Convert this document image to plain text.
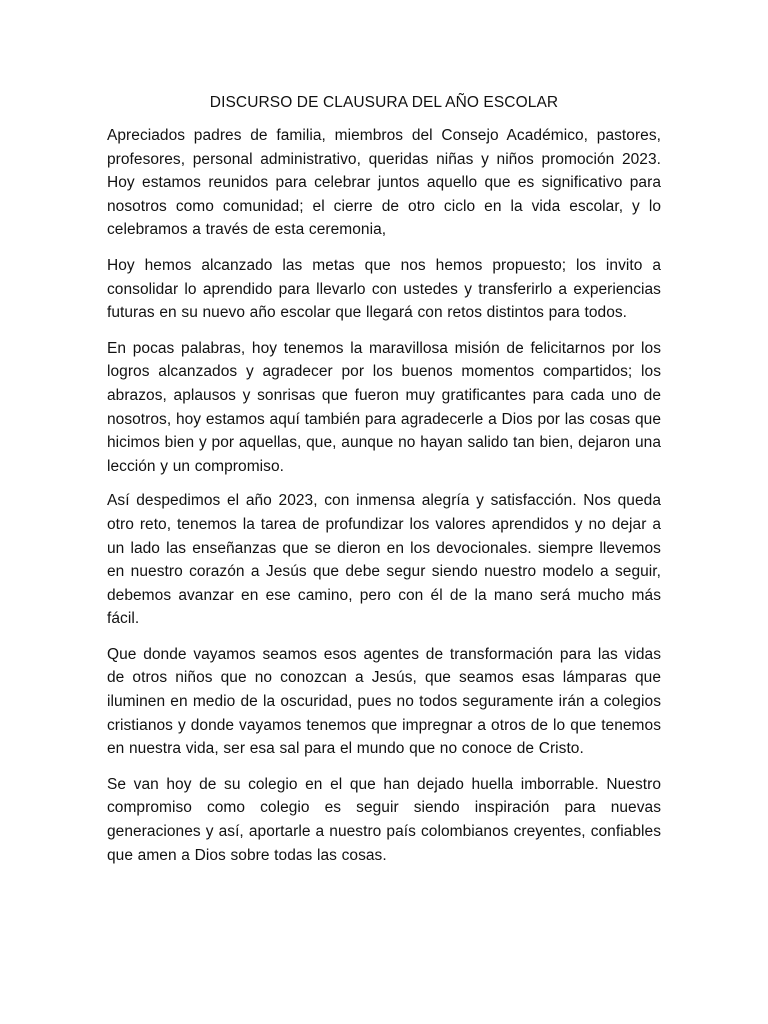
DISCURSO DE CLAUSURA DEL AÑO ESCOLAR

Apreciados padres de familia, miembros del Consejo Académico, pastores, profesores, personal administrativo, queridas niñas y niños promoción 2023. Hoy estamos reunidos para celebrar juntos aquello que es significativo para nosotros como comunidad; el cierre de otro ciclo en la vida escolar, y lo celebramos a través de esta ceremonia,

Hoy hemos alcanzado las metas que nos hemos propuesto; los invito a consolidar lo aprendido para llevarlo con ustedes y transferirlo a experiencias futuras en su nuevo año escolar que llegará con retos distintos para todos.

En pocas palabras, hoy tenemos la maravillosa misión de felicitarnos por los logros alcanzados y agradecer por los buenos momentos compartidos; los abrazos, aplausos y sonrisas que fueron muy gratificantes para cada uno de nosotros, hoy estamos aquí también para agradecerle a Dios por las cosas que hicimos bien y por aquellas, que, aunque no hayan salido tan bien, dejaron una lección y un compromiso.

Así despedimos el año 2023, con inmensa alegría y satisfacción. Nos queda otro reto, tenemos la tarea de profundizar los valores aprendidos y no dejar a un lado las enseñanzas que se dieron en los devocionales. siempre llevemos en nuestro corazón a Jesús que debe segur siendo nuestro modelo a seguir, debemos avanzar en ese camino, pero con él de la mano será mucho más fácil.

Que donde vayamos seamos esos agentes de transformación para las vidas de otros niños que no conozcan a Jesús, que seamos esas lámparas que iluminen en medio de la oscuridad, pues no todos seguramente irán a colegios cristianos y donde vayamos tenemos que impregnar a otros de lo que tenemos en nuestra vida, ser esa sal para el mundo que no conoce de Cristo.

Se van hoy de su colegio en el que han dejado huella imborrable. Nuestro compromiso como colegio es seguir siendo inspiración para nuevas generaciones y así, aportarle a nuestro país colombianos creyentes, confiables que amen a Dios sobre todas las cosas.
